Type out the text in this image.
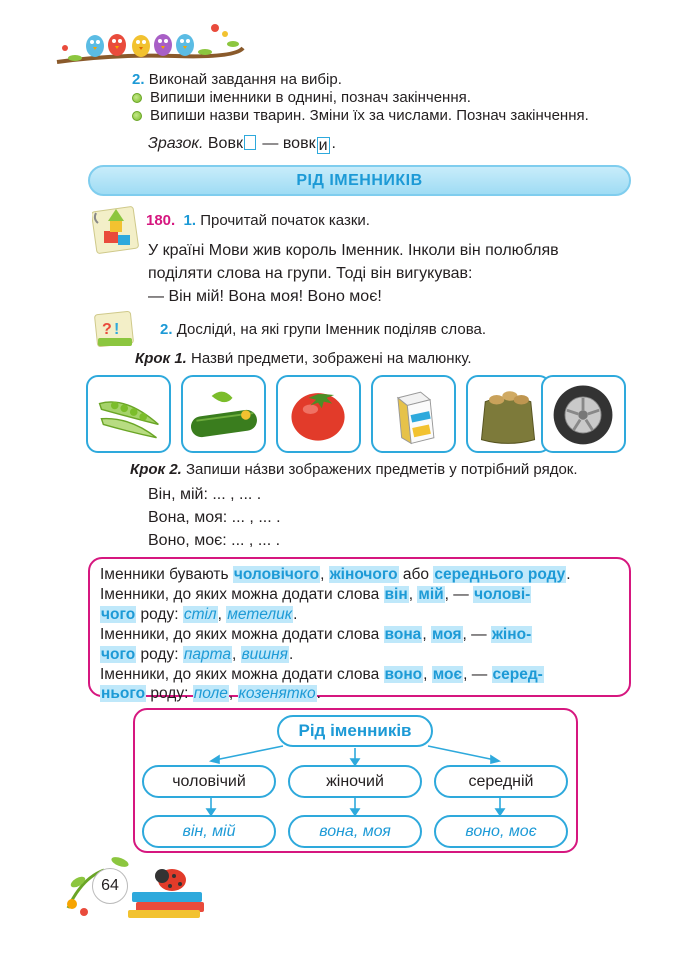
2. Виконай завдання на вибір.
Випиши іменники в однині, познач закінчення.
Випиши назви тварин. Зміни їх за числами. Познач закінчення.
Зразок. Вовк — вовк и .
РІД ІМЕННИКІВ
180. 1. Прочитай початок казки.
У країні Мови жив король Іменник. Інколи він полюбляв
поділяти слова на групи. Тоді він вигукував:
— Він мій! Вона моя! Воно моє!
? !	2. Досліди́, на які групи Іменник поділяв слова.
Крок 1. Назви́ предмети, зображені на малюнку.
Крок 2. Запиши на́зви зображених предметів у потрібний рядок.
Він, мій: ... , ... .
Вона, моя: ... , ... .
Воно, моє: ... , ... .
Іменники бувають чоловічого, жіночого або середнього роду.
Іменники, до яких можна додати слова він, мій, — чолові-
чого роду: стіл, метелик.
Іменники, до яких можна додати слова вона, моя, — жіно-
чого роду: парта, вишня.
Іменники, до яких можна додати слова воно, моє, — серед-
нього роду: поле, козенятко.
Рід іменників
чоловічий	жіночий	середній
він, мій	вона, моя	воно, моє
64
